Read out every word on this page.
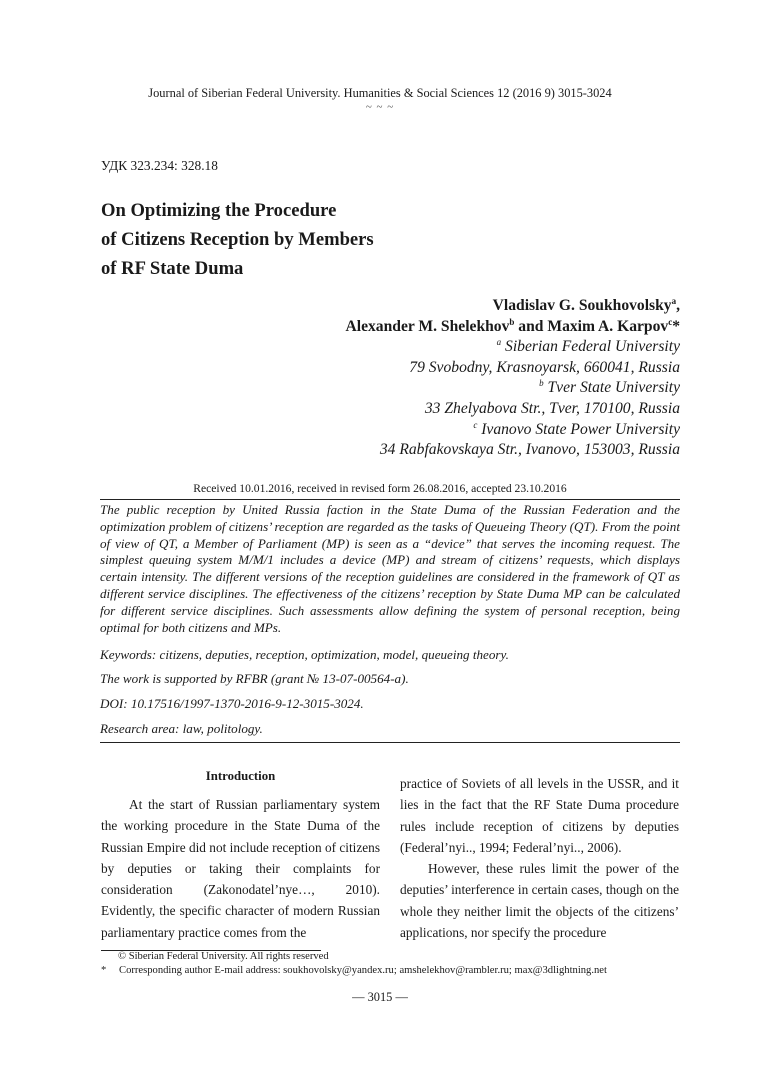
Journal of Siberian Federal University. Humanities & Social Sciences 12 (2016 9) 3015-3024
~ ~ ~
УДК 323.234: 328.18
On Optimizing the Procedure
of Citizens Reception by Members
of RF State Duma
Vladislav G. Soukhovolsky$^a$,
Alexander M. Shelekhov$^b$ and Maxim A. Karpov$^c$*
$^a$ Siberian Federal University
79 Svobodny, Krasnoyarsk, 660041, Russia
$^b$ Tver State University
33 Zhelyabova Str., Tver, 170100, Russia
$^c$ Ivanovo State Power University
34 Rabfakovskaya Str., Ivanovo, 153003, Russia
Received 10.01.2016, received in revised form 26.08.2016, accepted 23.10.2016
The public reception by United Russia faction in the State Duma of the Russian Federation and the optimization problem of citizens’ reception are regarded as the tasks of Queueing Theory (QT). From the point of view of QT, a Member of Parliament (MP) is seen as a “device” that serves the incoming request. The simplest queuing system M/M/1 includes a device (MP) and stream of citizens’ requests, which displays certain intensity. The different versions of the reception guidelines are considered in the framework of QT as different service disciplines. The effectiveness of the citizens’ reception by State Duma MP can be calculated for different service disciplines. Such assessments allow defining the system of personal reception, being optimal for both citizens and MPs.
Keywords: citizens, deputies, reception, optimization, model, queueing theory.
The work is supported by RFBR (grant № 13-07-00564-a).
DOI: 10.17516/1997-1370-2016-9-12-3015-3024.
Research area: law, politology.
Introduction

At the start of Russian parliamentary system the working procedure in the State Duma of the Russian Empire did not include reception of citizens by deputies or taking their complaints for consideration (Zakonodatel’nye…, 2010). Evidently, the specific character of modern Russian parliamentary practice comes from the

practice of Soviets of all levels in the USSR, and it lies in the fact that the RF State Duma procedure rules include reception of citizens by deputies (Federal’nyi.., 1994; Federal’nyi.., 2006).

However, these rules limit the power of the deputies’ interference in certain cases, though on the whole they neither limit the objects of the citizens’ applications, nor specify the procedure

© Siberian Federal University. All rights reserved
* Corresponding author E-mail address: soukhovolsky@yandex.ru; amshelekhov@rambler.ru; max@3dlightning.net
— 3015 —
